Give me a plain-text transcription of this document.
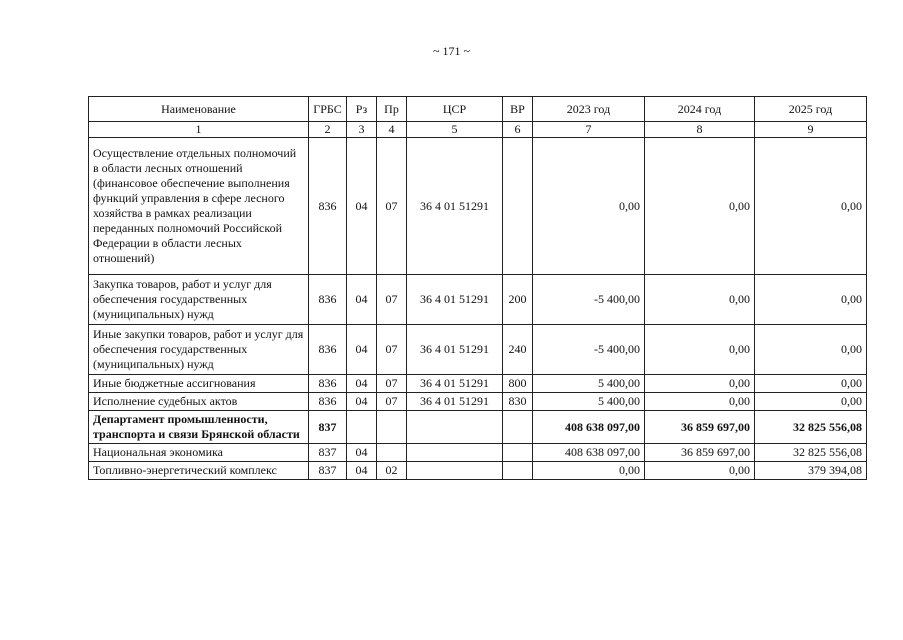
~ 171 ~
Наименование	ГРБС	Рз	Пр	ЦСР	ВР	2023 год	2024 год	2025 год
1	2	3	4	5	6	7	8	9
Осуществление отдельных полномочий в области лесных отношений (финансовое обеспечение выполнения функций управления в сфере лесного хозяйства в рамках реализации переданных полномочий Российской Федерации в области лесных отношений)	836	04	07	36 4 01 51291		0,00	0,00	0,00
Закупка товаров, работ и услуг для обеспечения государственных (муниципальных) нужд	836	04	07	36 4 01 51291	200	-5 400,00	0,00	0,00
Иные закупки товаров, работ и услуг для обеспечения государственных (муниципальных) нужд	836	04	07	36 4 01 51291	240	-5 400,00	0,00	0,00
Иные бюджетные ассигнования	836	04	07	36 4 01 51291	800	5 400,00	0,00	0,00
Исполнение судебных актов	836	04	07	36 4 01 51291	830	5 400,00	0,00	0,00
Департамент промышленности, транспорта и связи Брянской области	837					408 638 097,00	36 859 697,00	32 825 556,08
Национальная экономика	837	04				408 638 097,00	36 859 697,00	32 825 556,08
Топливно-энергетический комплекс	837	04	02			0,00	0,00	379 394,08
